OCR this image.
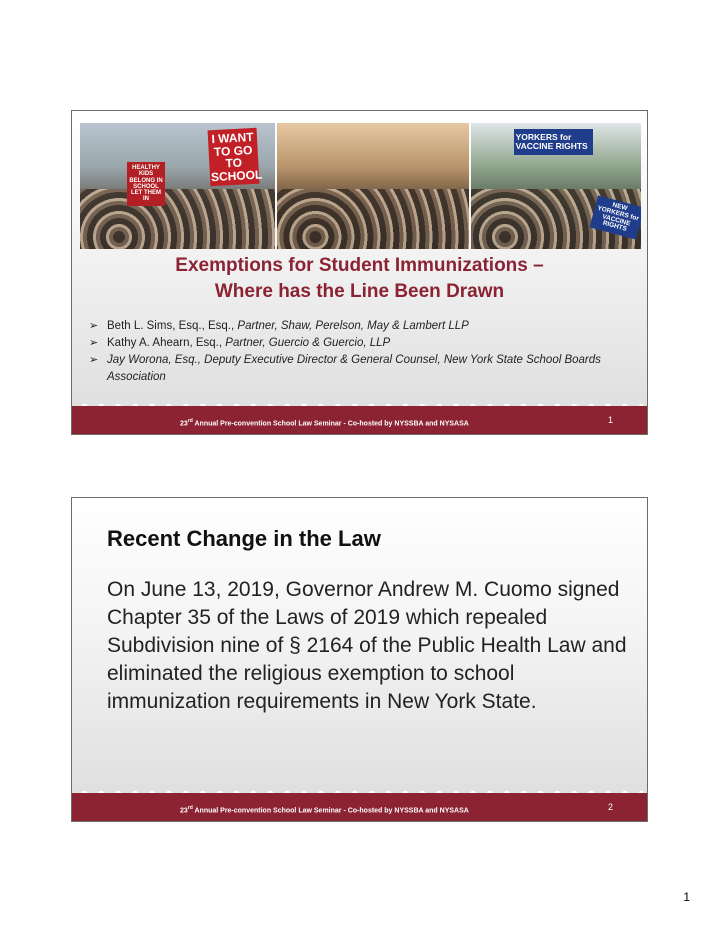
HEALTHY KIDS BELONG IN SCHOOL LET THEM IN
I WANT TO GO TO SCHOOL
YORKERS for VACCINE RIGHTS
NEW YORKERS for VACCINE RIGHTS
Exemptions for Student Immunizations –
Where has the Line Been Drawn
➢ Beth L. Sims, Esq., Esq., Partner, Shaw, Perelson, May & Lambert LLP
➢ Kathy A. Ahearn, Esq., Partner, Guercio & Guercio, LLP
➢ Jay Worona, Esq., Deputy Executive Director & General Counsel, New York State School Boards Association
23rd Annual Pre-convention School Law Seminar - Co-hosted by NYSSBA and NYSASA	1
Recent Change in the Law
On June 13, 2019, Governor Andrew M. Cuomo signed Chapter 35 of the Laws of 2019 which repealed Subdivision nine of § 2164 of the Public Health Law and eliminated the religious exemption to school immunization requirements in New York State.
23rd Annual Pre-convention School Law Seminar - Co-hosted by NYSSBA and NYSASA	2
1
